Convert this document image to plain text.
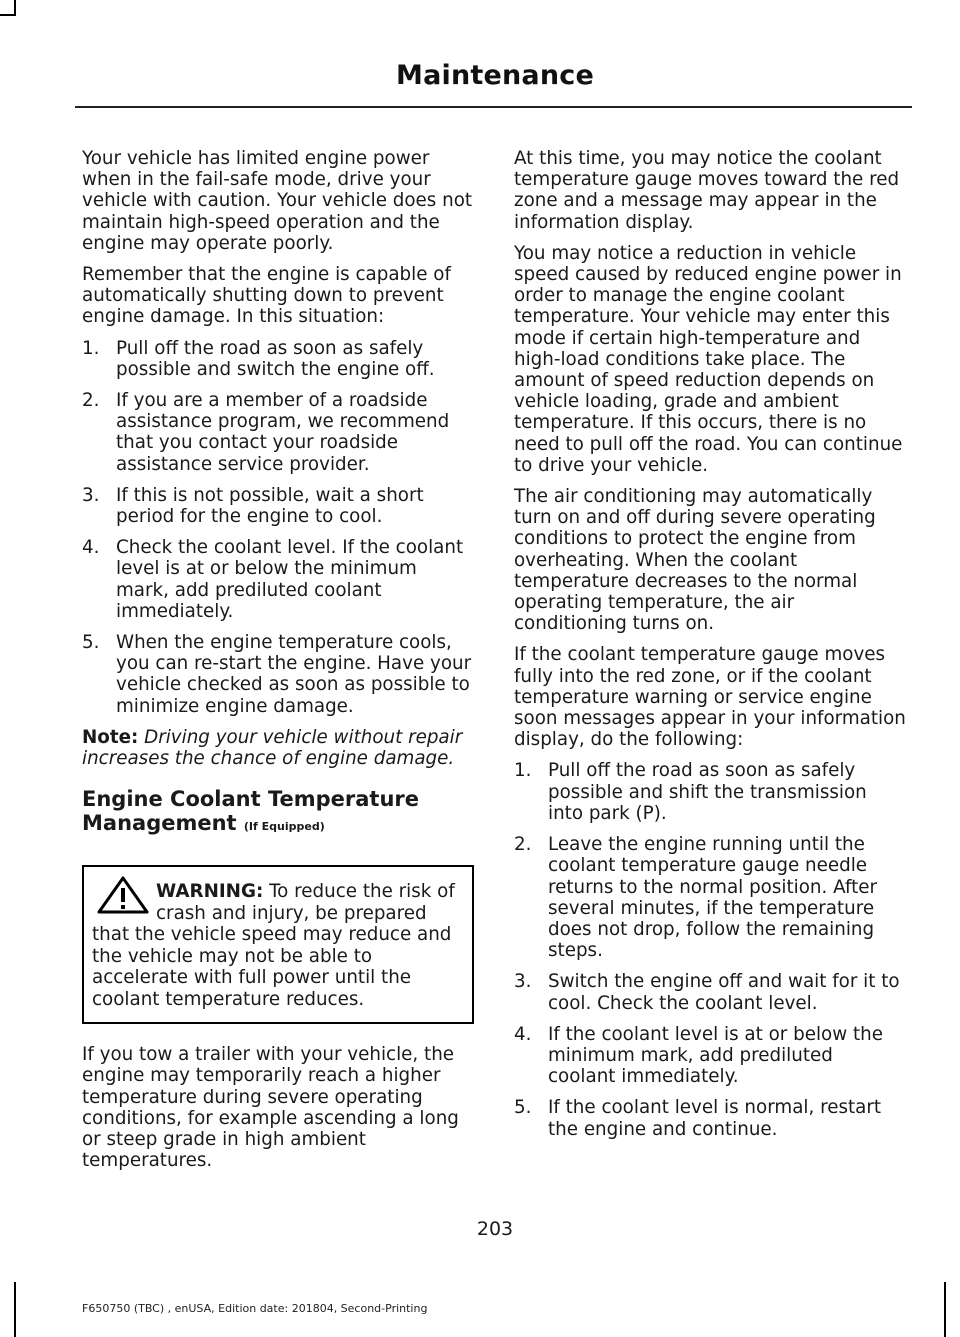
Maintenance

Your vehicle has limited engine power when in the fail-safe mode, drive your vehicle with caution. Your vehicle does not maintain high-speed operation and the engine may operate poorly.

Remember that the engine is capable of automatically shutting down to prevent engine damage. In this situation:

1. Pull off the road as soon as safely possible and switch the engine off.
2. If you are a member of a roadside assistance program, we recommend that you contact your roadside assistance service provider.
3. If this is not possible, wait a short period for the engine to cool.
4. Check the coolant level. If the coolant level is at or below the minimum mark, add prediluted coolant immediately.
5. When the engine temperature cools, you can re-start the engine. Have your vehicle checked as soon as possible to minimize engine damage.

Note: Driving your vehicle without repair increases the chance of engine damage.

Engine Coolant Temperature
Management (If Equipped)

WARNING: To reduce the risk of crash and injury, be prepared that the vehicle speed may reduce and the vehicle may not be able to accelerate with full power until the coolant temperature reduces.

If you tow a trailer with your vehicle, the engine may temporarily reach a higher temperature during severe operating conditions, for example ascending a long or steep grade in high ambient temperatures.

At this time, you may notice the coolant temperature gauge moves toward the red zone and a message may appear in the information display.

You may notice a reduction in vehicle speed caused by reduced engine power in order to manage the engine coolant temperature. Your vehicle may enter this mode if certain high-temperature and high-load conditions take place. The amount of speed reduction depends on vehicle loading, grade and ambient temperature. If this occurs, there is no need to pull off the road. You can continue to drive your vehicle.

The air conditioning may automatically turn on and off during severe operating conditions to protect the engine from overheating. When the coolant temperature decreases to the normal operating temperature, the air conditioning turns on.

If the coolant temperature gauge moves fully into the red zone, or if the coolant temperature warning or service engine soon messages appear in your information display, do the following:

1. Pull off the road as soon as safely possible and shift the transmission into park (P).
2. Leave the engine running until the coolant temperature gauge needle returns to the normal position. After several minutes, if the temperature does not drop, follow the remaining steps.
3. Switch the engine off and wait for it to cool. Check the coolant level.
4. If the coolant level is at or below the minimum mark, add prediluted coolant immediately.
5. If the coolant level is normal, restart the engine and continue.
203
F650750 (TBC) , enUSA, Edition date: 201804, Second-Printing
